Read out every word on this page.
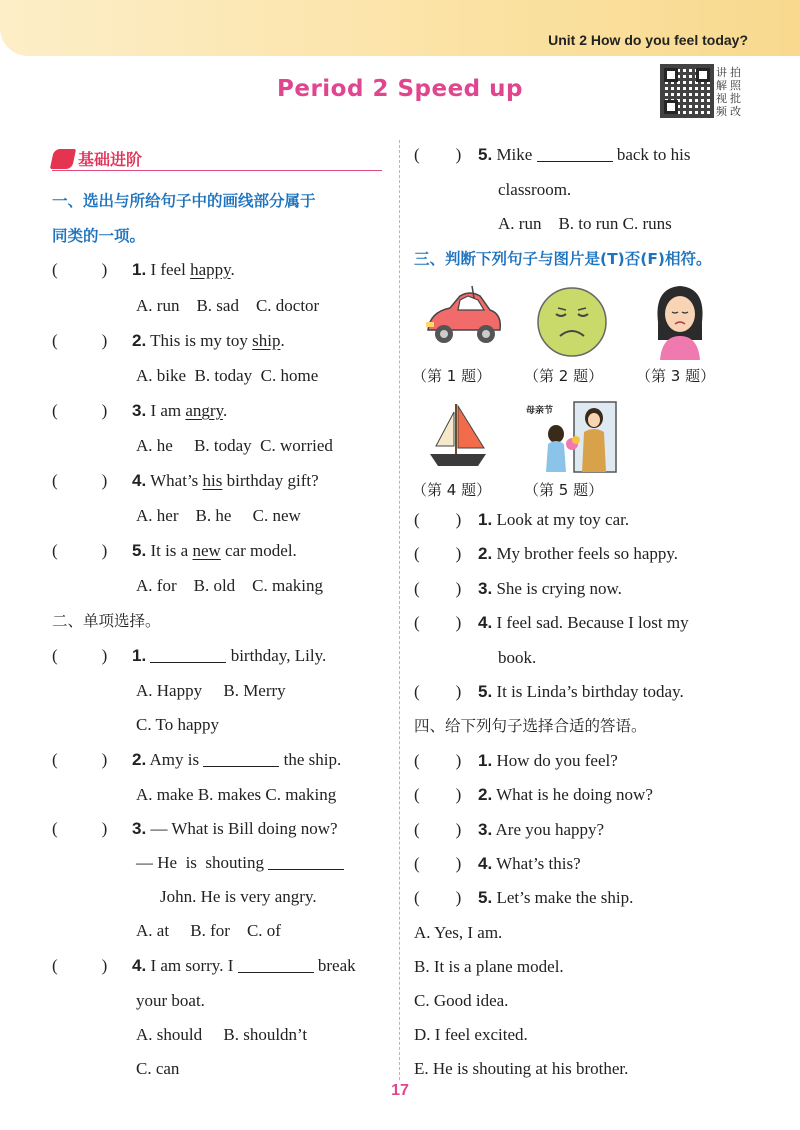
Unit 2 How do you feel today?
Period 2 Speed up
讲 拍
解 照
视 批
频 改
基础进阶
一、选出与所给句子中的画线部分属于
同类的一项。
(	) 1. I feel happy.
A. run    B. sad    C. doctor
(	) 2. This is my toy ship.
A. bike  B. today  C. home
(	) 3. I am angry.
A. he     B. today  C. worried
(	) 4. What’s his birthday gift?
A. her    B. he     C. new
(	) 5. It is a new car model.
A. for    B. old    C. making
二、单项选择。
(	) 1.	birthday, Lily.
A. Happy     B. Merry
C. To happy
(	) 2. Amy is	the ship.
A. make B. makes C. making
(	) 3. — What is Bill doing now?
— He  is  shouting
John. He is very angry.
A. at     B. for    C. of
(	) 4. I am sorry. I	break
your boat.
A. should     B. shouldn’t
C. can
( ) 5. Mike	back to his
classroom.
A. run    B. to run C. runs
三、判断下列句子与图片是(T)否(F)相符。
（第 1 题） （第 2 题） （第 3 题）
母亲节
（第 4 题） （第 5 题）
( ) 1. Look at my toy car.
( ) 2. My brother feels so happy.
( ) 3. She is crying now.
( ) 4. I feel sad. Because I lost my
book.
( ) 5. It is Linda’s birthday today.
四、给下列句子选择合适的答语。
( ) 1. How do you feel?
( ) 2. What is he doing now?
( ) 3. Are you happy?
( ) 4. What’s this?
( ) 5. Let’s make the ship.
A. Yes, I am.
B. It is a plane model.
C. Good idea.
D. I feel excited.
E. He is shouting at his brother.
17
